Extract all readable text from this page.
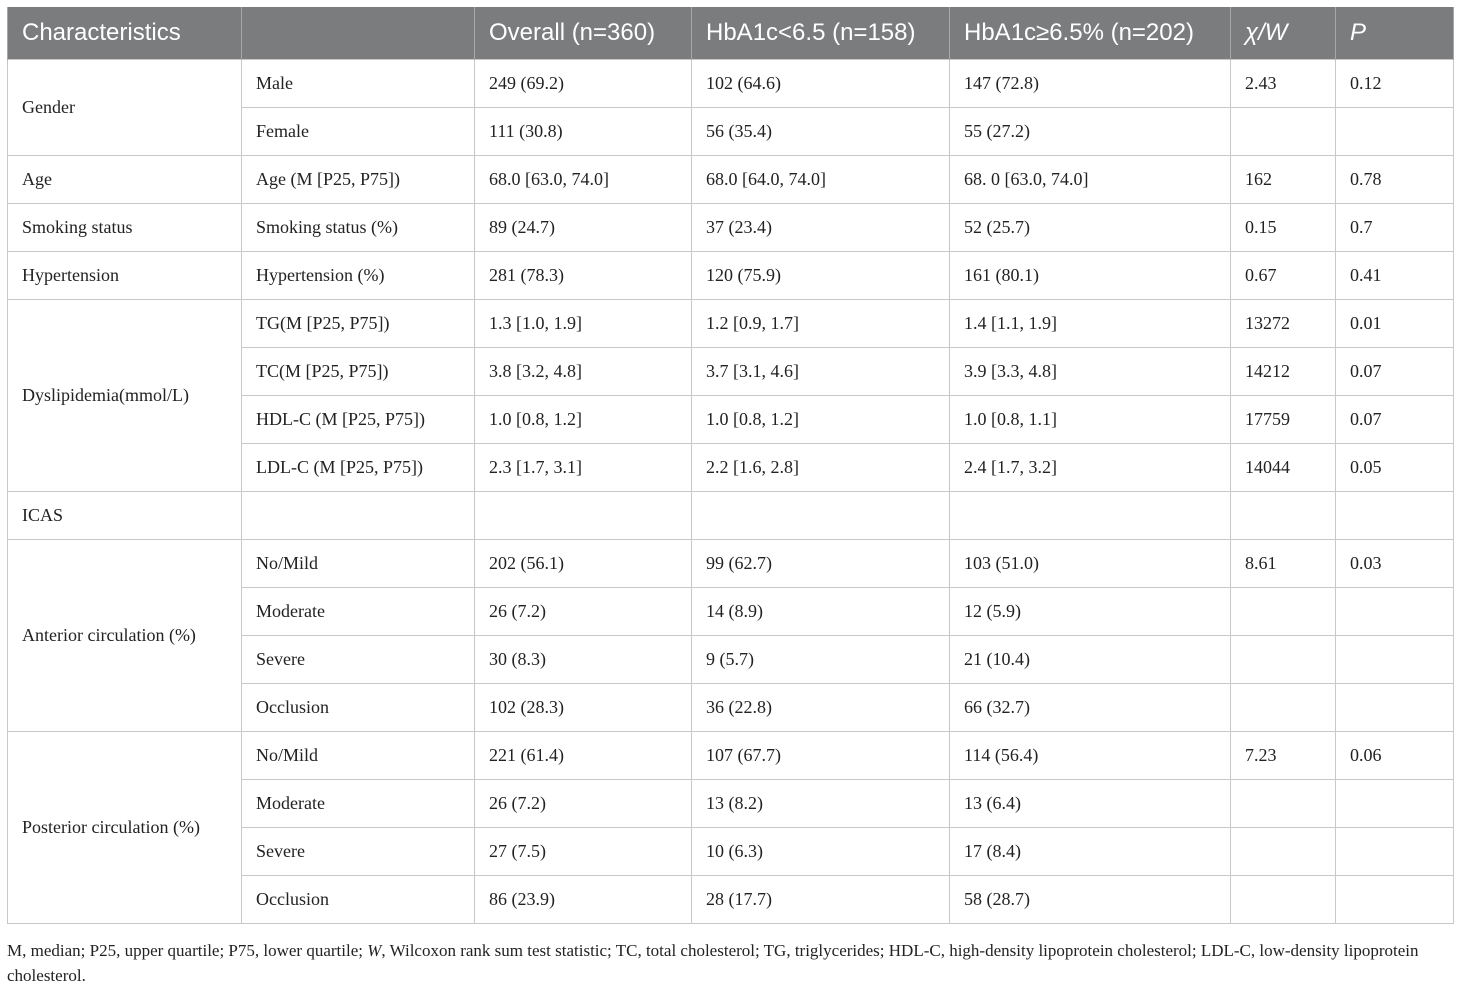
Characteristics		Overall (n=360)	HbA1c<6.5 (n=158)	HbA1c≥6.5% (n=202)	χ/W	P
Gender	Male	249 (69.2)	102 (64.6)	147 (72.8)	2.43	0.12
	Female	111 (30.8)	56 (35.4)	55 (27.2)		
Age	Age (M [P25, P75])	68.0 [63.0, 74.0]	68.0 [64.0, 74.0]	68. 0 [63.0, 74.0]	162	0.78
Smoking status	Smoking status (%)	89 (24.7)	37 (23.4)	52 (25.7)	0.15	0.7
Hypertension	Hypertension (%)	281 (78.3)	120 (75.9)	161 (80.1)	0.67	0.41
Dyslipidemia(mmol/L)	TG(M [P25, P75])	1.3 [1.0, 1.9]	1.2 [0.9, 1.7]	1.4 [1.1, 1.9]	13272	0.01
	TC(M [P25, P75])	3.8 [3.2, 4.8]	3.7 [3.1, 4.6]	3.9 [3.3, 4.8]	14212	0.07
	HDL-C (M [P25, P75])	1.0 [0.8, 1.2]	1.0 [0.8, 1.2]	1.0 [0.8, 1.1]	17759	0.07
	LDL-C (M [P25, P75])	2.3 [1.7, 3.1]	2.2 [1.6, 2.8]	2.4 [1.7, 3.2]	14044	0.05
ICAS						
Anterior circulation (%)	No/Mild	202 (56.1)	99 (62.7)	103 (51.0)	8.61	0.03
	Moderate	26 (7.2)	14 (8.9)	12 (5.9)		
	Severe	30 (8.3)	9 (5.7)	21 (10.4)		
	Occlusion	102 (28.3)	36 (22.8)	66 (32.7)		
Posterior circulation (%)	No/Mild	221 (61.4)	107 (67.7)	114 (56.4)	7.23	0.06
	Moderate	26 (7.2)	13 (8.2)	13 (6.4)		
	Severe	27 (7.5)	10 (6.3)	17 (8.4)		
	Occlusion	86 (23.9)	28 (17.7)	58 (28.7)		
M, median; P25, upper quartile; P75, lower quartile; W, Wilcoxon rank sum test statistic; TC, total cholesterol; TG, triglycerides; HDL-C, high-density lipoprotein cholesterol; LDL-C, low-density lipoprotein cholesterol.
